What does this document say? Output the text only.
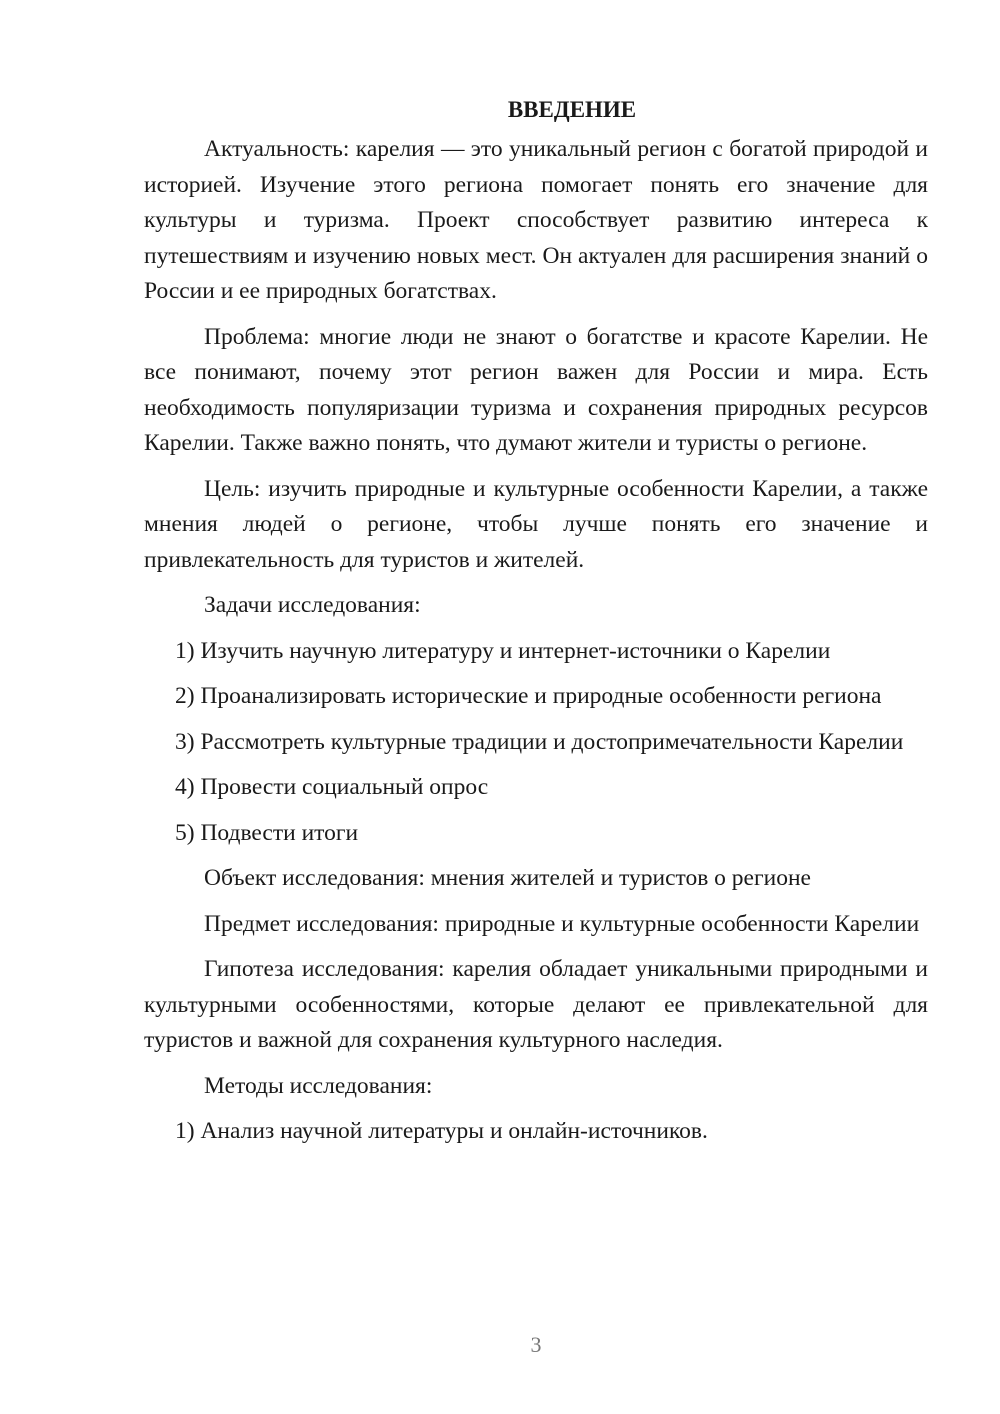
ВВЕДЕНИЕ

Актуальность: карелия — это уникальный регион с богатой природой и историей. Изучение этого региона помогает понять его значение для культуры и туризма. Проект способствует развитию интереса к путешествиям и изучению новых мест. Он актуален для расширения знаний о России и ее природных богатствах.

Проблема: многие люди не знают о богатстве и красоте Карелии. Не все понимают, почему этот регион важен для России и мира. Есть необходимость популяризации туризма и сохранения природных ресурсов Карелии. Также важно понять, что думают жители и туристы о регионе.

Цель: изучить природные и культурные особенности Карелии, а также мнения людей о регионе, чтобы лучше понять его значение и привлекательность для туристов и жителей.

Задачи исследования:

1) Изучить научную литературу и интернет-источники о Карелии

2) Проанализировать исторические и природные особенности региона

3) Рассмотреть культурные традиции и достопримечательности Карелии

4) Провести социальный опрос

5) Подвести итоги

Объект исследования: мнения жителей и туристов о регионе

Предмет исследования: природные и культурные особенности Карелии

Гипотеза исследования: карелия обладает уникальными природными и культурными особенностями, которые делают ее привлекательной для туристов и важной для сохранения культурного наследия.

Методы исследования:

1) Анализ научной литературы и онлайн-источников.

3
